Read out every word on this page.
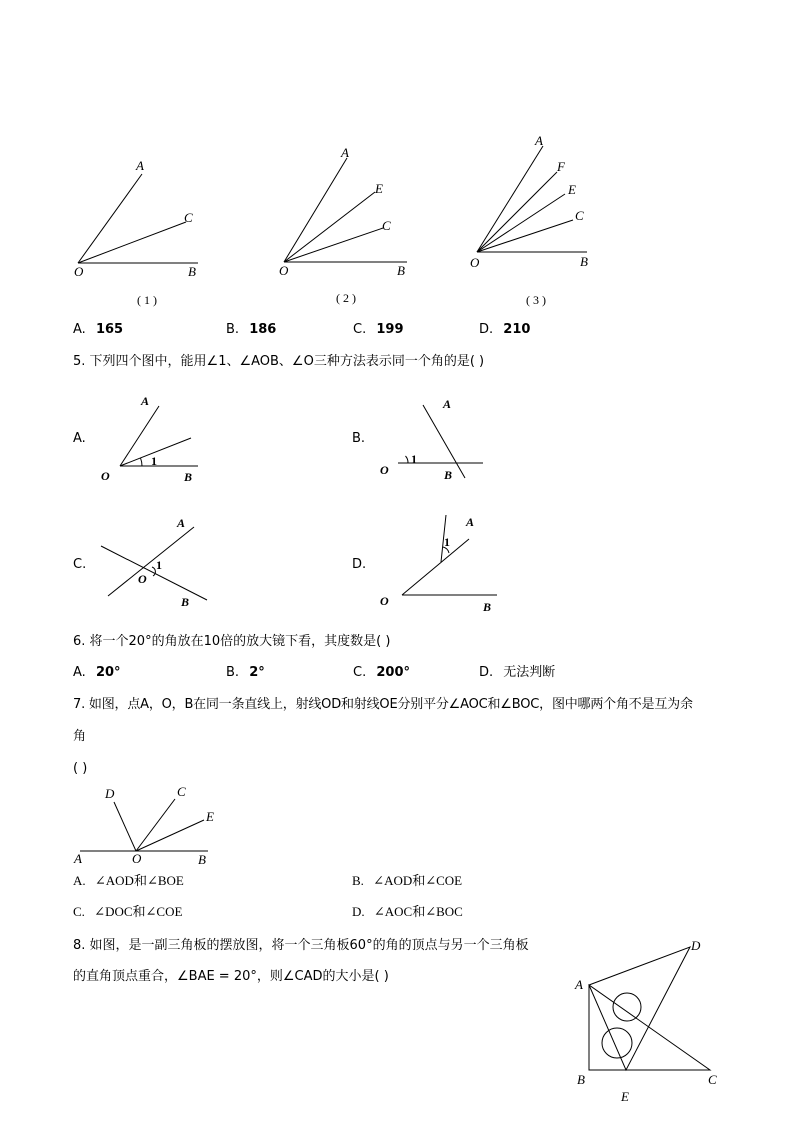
A
C
O	B
( 1 )
A
E
C
O	B
( 2 )
A
F
E
C
O	B
( 3 )
A. 165	B. 186	C. 199	D. 210
5. 下列四个图中，能用∠1、∠AOB、∠O三种方法表示同一个角的是( )
A.
A
O	B
1
B.
A
O	B
1
C.
A
O
B
1	D.
A
O	B
1
6. 将一个20°的角放在10倍的放大镜下看，其度数是( )
A. 20°	B. 2°	C. 200°	D. 无法判断
7. 如图，点A，O，B在同一条直线上，射线OD和射线OE分别平分∠AOC和∠BOC，图中哪两个角不是互为余
角
( )
D	C
E
A	O	B
A. ∠AOD和∠BOE	B. ∠AOD和∠COE
C. ∠DOC和∠COE	D. ∠AOC和∠BOC
8. 如图，是一副三角板的摆放图，将一个三角板60°的角的顶点与另一个三角板
的直角顶点重合，∠BAE = 20°，则∠CAD的大小是( )
A
D
B	C
E
